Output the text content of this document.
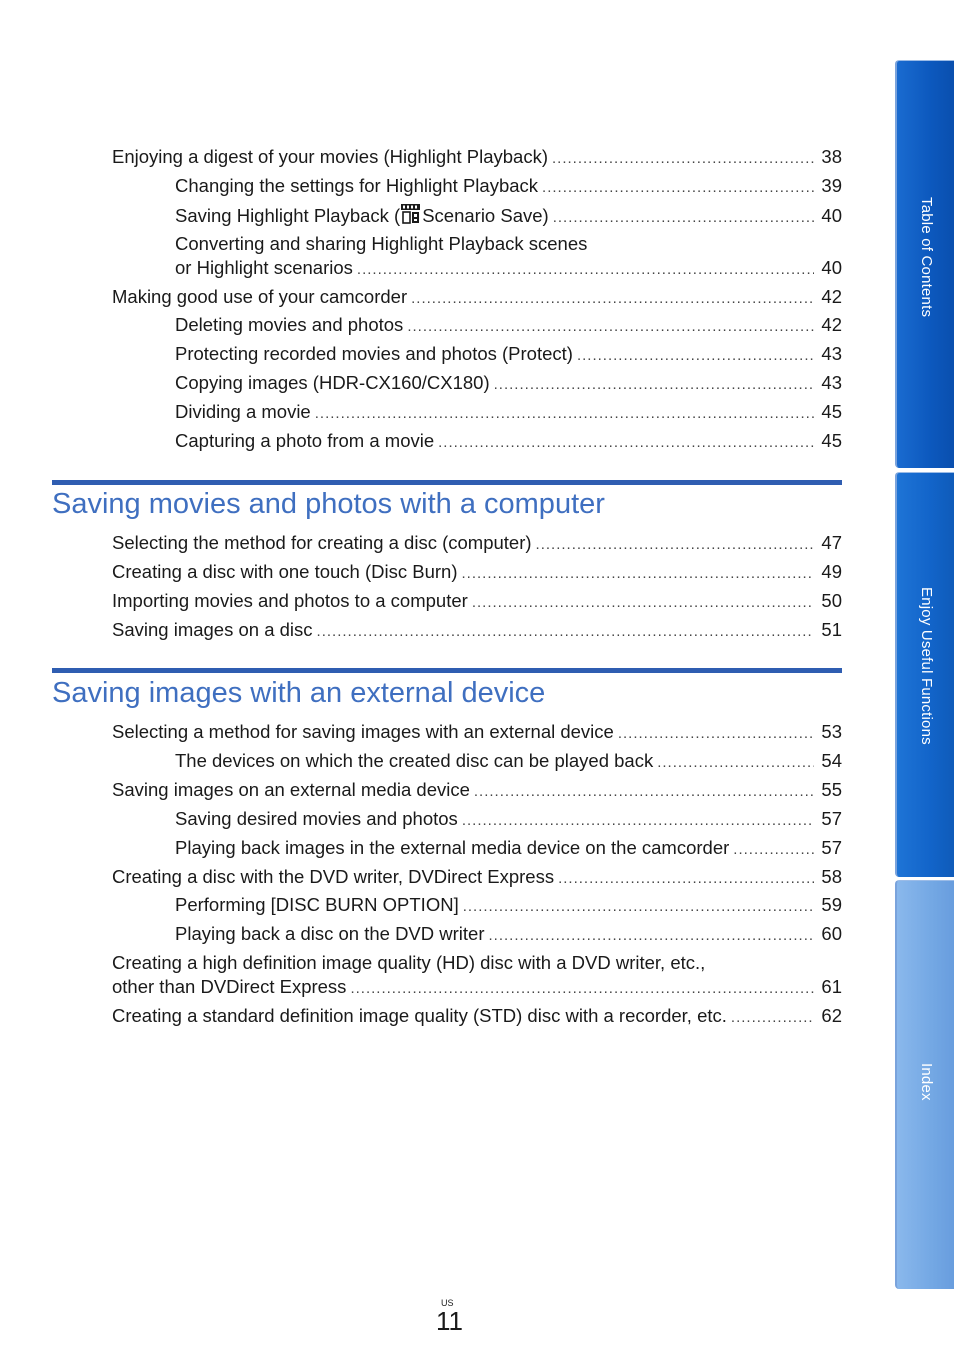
Enjoying a digest of your movies (Highlight Playback) .....	38
Changing the settings for Highlight Playback .....	39
Saving Highlight Playback ( Scenario Save) .....	40
Converting and sharing Highlight Playback scenes
or Highlight scenarios .....	40
Making good use of your camcorder .....	42
Deleting movies and photos .....	42
Protecting recorded movies and photos (Protect) .....	43
Copying images (HDR-CX160/CX180) .....	43
Dividing a movie .....	45
Capturing a photo from a movie .....	45
Saving movies and photos with a computer
Selecting the method for creating a disc (computer) .....	47
Creating a disc with one touch (Disc Burn) .....	49
Importing movies and photos to a computer .....	50
Saving images on a disc .....	51
Saving images with an external device
Selecting a method for saving images with an external device .....	53
The devices on which the created disc can be played back .....	54
Saving images on an external media device .....	55
Saving desired movies and photos .....	57
Playing back images in the external media device on the camcorder .....	57
Creating a disc with the DVD writer, DVDirect Express .....	58
Performing [DISC BURN OPTION] .....	59
Playing back a disc on the DVD writer .....	60
Creating a high definition image quality (HD) disc with a DVD writer, etc.,
other than DVDirect Express .....	61
Creating a standard definition image quality (STD) disc with a recorder, etc. .....	62
Table of Contents
Enjoy Useful Functions
Index
US
11
